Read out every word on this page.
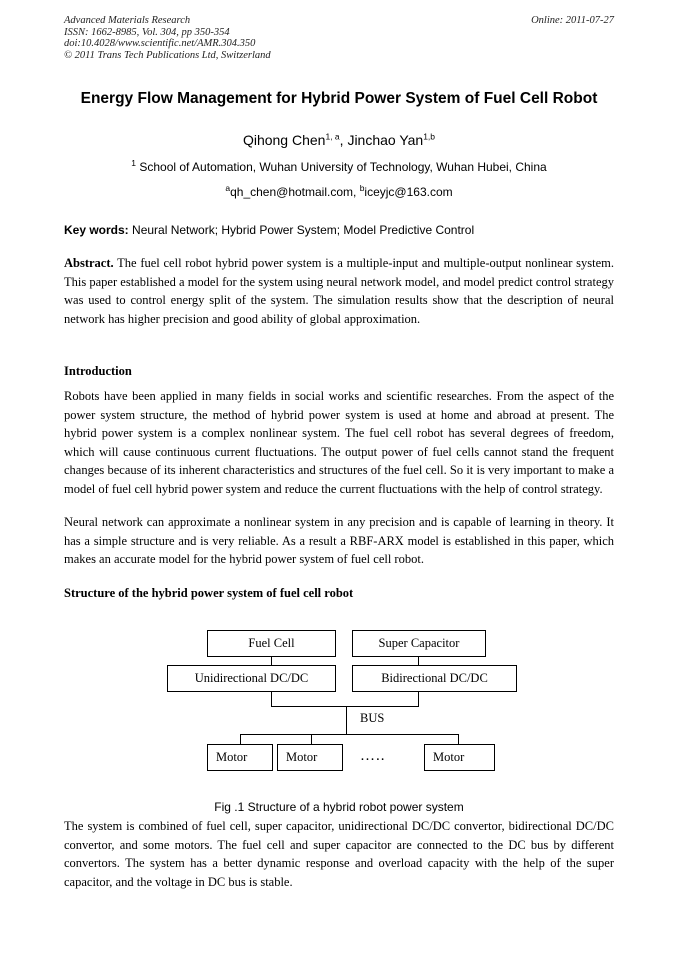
Advanced Materials Research
ISSN: 1662-8985, Vol. 304, pp 350-354
doi:10.4028/www.scientific.net/AMR.304.350
© 2011 Trans Tech Publications Ltd, Switzerland
Online: 2011-07-27
Energy Flow Management for Hybrid Power System of Fuel Cell Robot
Qihong Chen$^{1, a}$, Jinchao Yan$^{1,b}$
$^1$ School of Automation, Wuhan University of Technology, Wuhan Hubei, China
$^a$qh_chen@hotmail.com, $^b$iceyjc@163.com
Key words: Neural Network; Hybrid Power System; Model Predictive Control
Abstract. The fuel cell robot hybrid power system is a multiple-input and multiple-output nonlinear system. This paper established a model for the system using neural network model, and model predict control strategy was used to control energy split of the system. The simulation results show that the description of neural network has higher precision and good ability of global approximation.
Introduction
Robots have been applied in many fields in social works and scientific researches. From the aspect of the power system structure, the method of hybrid power system is used at home and abroad at present. The hybrid power system is a complex nonlinear system. The fuel cell robot has several degrees of freedom, which will cause continuous current fluctuations. The output power of fuel cells cannot stand the frequent changes because of its inherent characteristics and structures of the fuel cell. So it is very important to make a model of fuel cell hybrid power system and reduce the current fluctuations with the help of control strategy.
Neural network can approximate a nonlinear system in any precision and is capable of learning in theory. It has a simple structure and is very reliable. As a result a RBF-ARX model is established in this paper, which makes an accurate model for the hybrid power system of fuel cell robot.
Structure of the hybrid power system of fuel cell robot
Fuel Cell	Super Capacitor
Unidirectional DC/DC	Bidirectional DC/DC
BUS
Motor	Motor	…..	Motor
Fig .1 Structure of a hybrid robot power system
The system is combined of fuel cell, super capacitor, unidirectional DC/DC convertor, bidirectional DC/DC convertor, and some motors. The fuel cell and super capacitor are connected to the DC bus by different convertors. The system has a better dynamic response and overload capacity with the help of the super capacitor, and the voltage in DC bus is stable.
